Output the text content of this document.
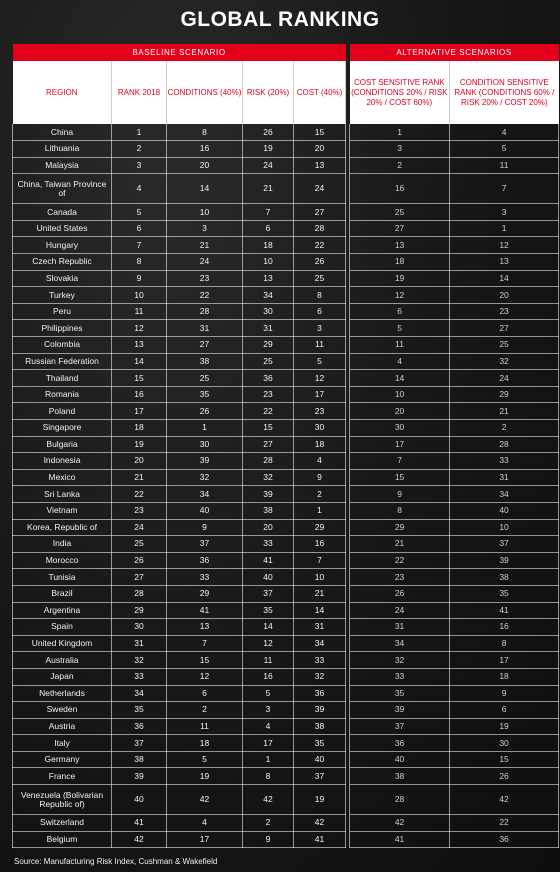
GLOBAL RANKING
BASELINE SCENARIO						ALTERNATIVE SCENARIOS	
REGION	RANK 2018	CONDITIONS (40%)	RISK (20%)	COST (40%)		COST SENSITIVE RANK (CONDITIONS 20% / RISK 20% / COST 60%)	CONDITION SENSITIVE RANK (CONDITIONS 60% / RISK 20% / COST 20%)
China	1	8	26	15		1	4
Lithuania	2	16	19	20		3	5
Malaysia	3	20	24	13		2	11
China, Taiwan Province of	4	14	21	24		16	7
Canada	5	10	7	27		25	3
United States	6	3	6	28		27	1
Hungary	7	21	18	22		13	12
Czech Republic	8	24	10	26		18	13
Slovakia	9	23	13	25		19	14
Turkey	10	22	34	8		12	20
Peru	11	28	30	6		6	23
Philippines	12	31	31	3		5	27
Colombia	13	27	29	11		11	25
Russian Federation	14	38	25	5		4	32
Thailand	15	25	36	12		14	24
Romania	16	35	23	17		10	29
Poland	17	26	22	23		20	21
Singapore	18	1	15	30		30	2
Bulgaria	19	30	27	18		17	28
Indonesia	20	39	28	4		7	33
Mexico	21	32	32	9		15	31
Sri Lanka	22	34	39	2		9	34
Vietnam	23	40	38	1		8	40
Korea, Republic of	24	9	20	29		29	10
India	25	37	33	16		21	37
Morocco	26	36	41	7		22	39
Tunisia	27	33	40	10		23	38
Brazil	28	29	37	21		26	35
Argentina	29	41	35	14		24	41
Spain	30	13	14	31		31	16
United Kingdom	31	7	12	34		34	8
Australia	32	15	11	33		32	17
Japan	33	12	16	32		33	18
Netherlands	34	6	5	36		35	9
Sweden	35	2	3	39		39	6
Austria	36	11	4	38		37	19
Italy	37	18	17	35		36	30
Germany	38	5	1	40		40	15
France	39	19	8	37		38	26
Venezuela (Bolivarian Republic of)	40	42	42	19		28	42
Switzerland	41	4	2	42		42	22
Belgium	42	17	9	41		41	36
Source: Manufacturing Risk Index, Cushman & Wakefield
